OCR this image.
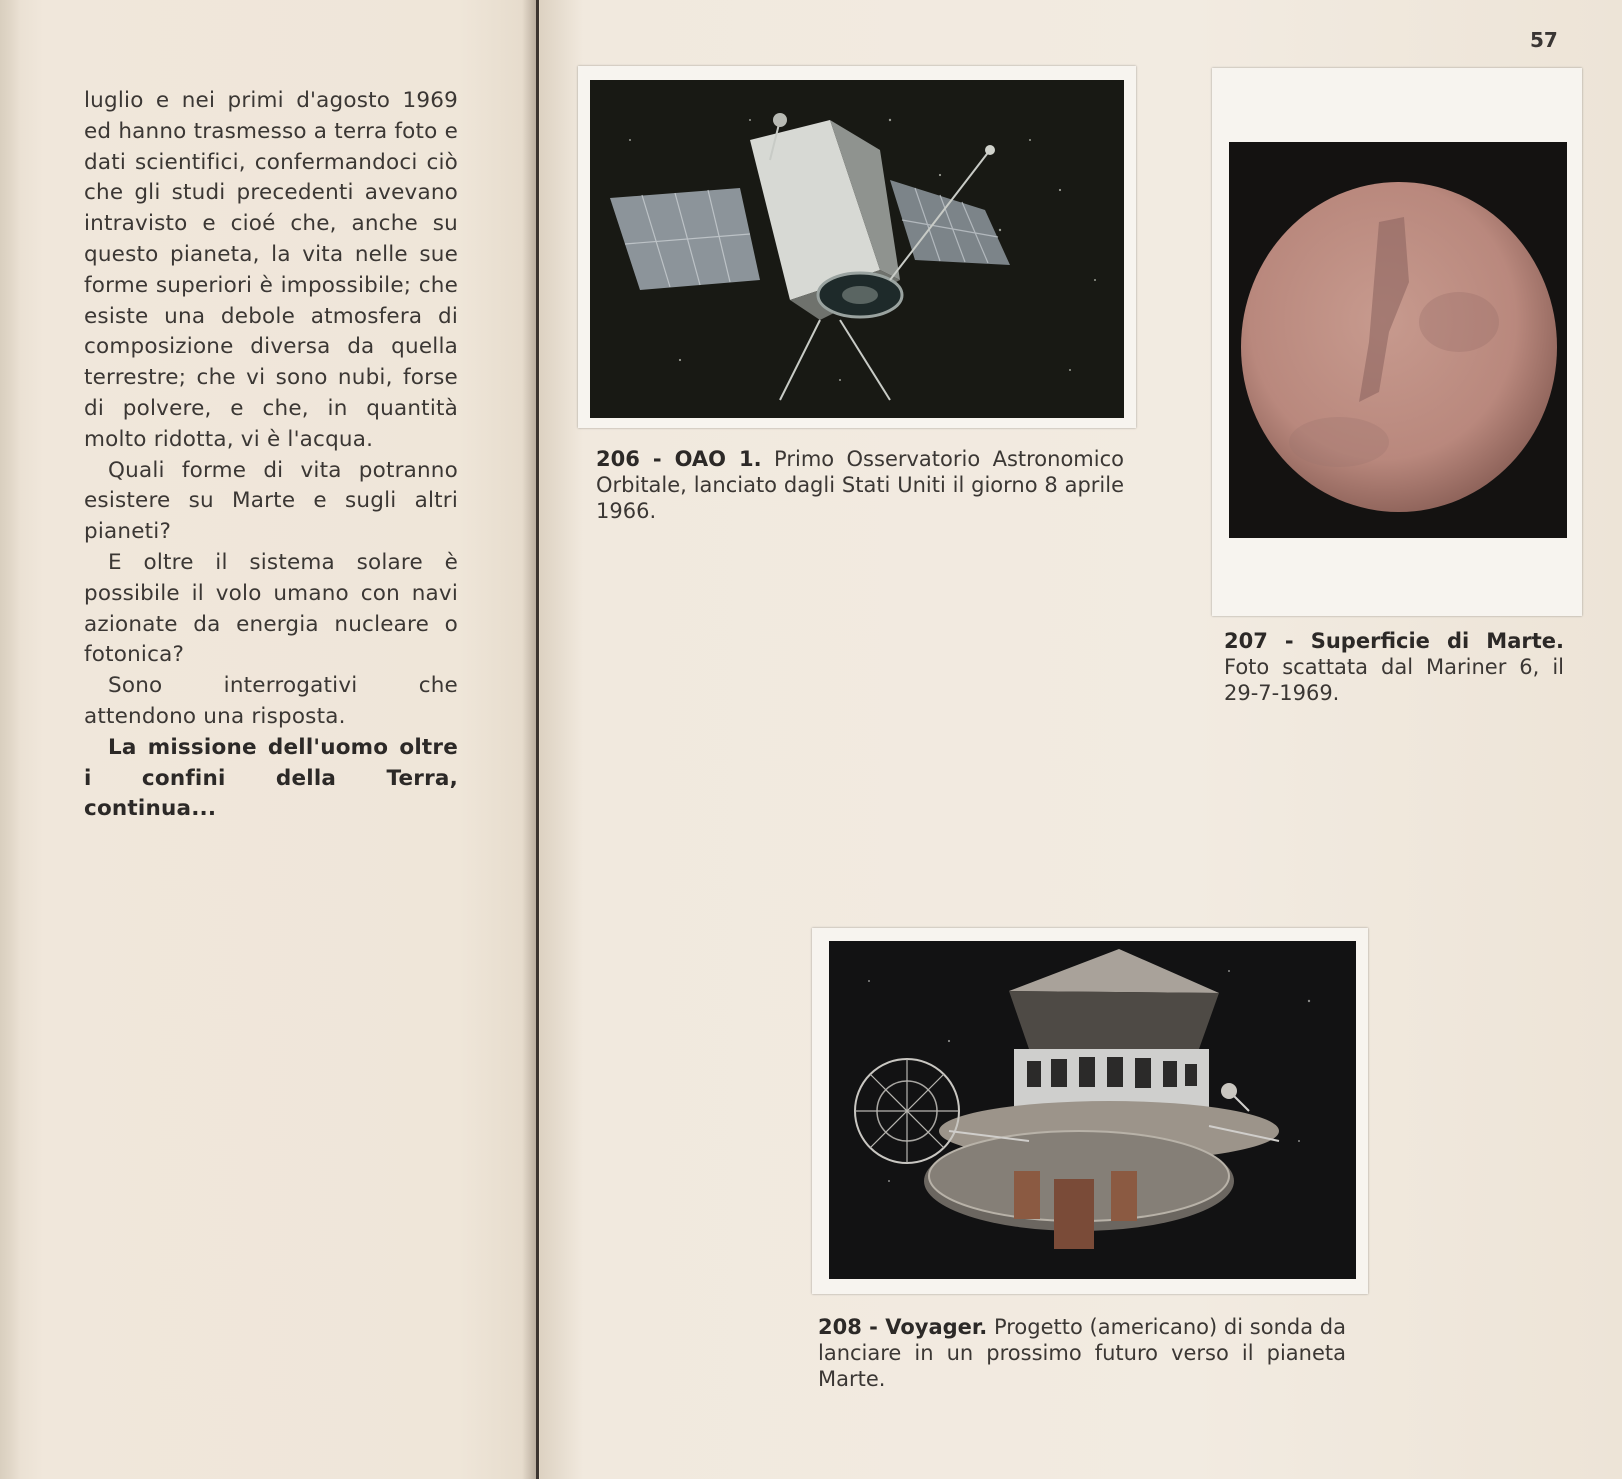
luglio e nei primi d'agosto 1969 ed hanno trasmesso a terra foto e dati scientifici, confermandoci ciò che gli studi precedenti avevano intravisto e cioé che, anche su questo pianeta, la vita nelle sue forme superiori è impossibile; che esiste una debole atmosfera di composizione diversa da quella terrestre; che vi sono nubi, forse di polvere, e che, in quantità molto ridotta, vi è l'acqua.

Quali forme di vita potranno esistere su Marte e sugli altri pianeti?

E oltre il sistema solare è possibile il volo umano con navi azionate da energia nucleare o fotonica?

Sono interrogativi che attendono una risposta.

La missione dell'uomo oltre i confini della Terra, continua...

57
206 - OAO 1. Primo Osservatorio Astronomico Orbitale, lanciato dagli Stati Uniti il giorno 8 aprile 1966.
207 - Superficie di Marte. Foto scattata dal Mariner 6, il 29-7-1969.
208 - Voyager. Progetto (americano) di sonda da lanciare in un prossimo futuro verso il pianeta Marte.
